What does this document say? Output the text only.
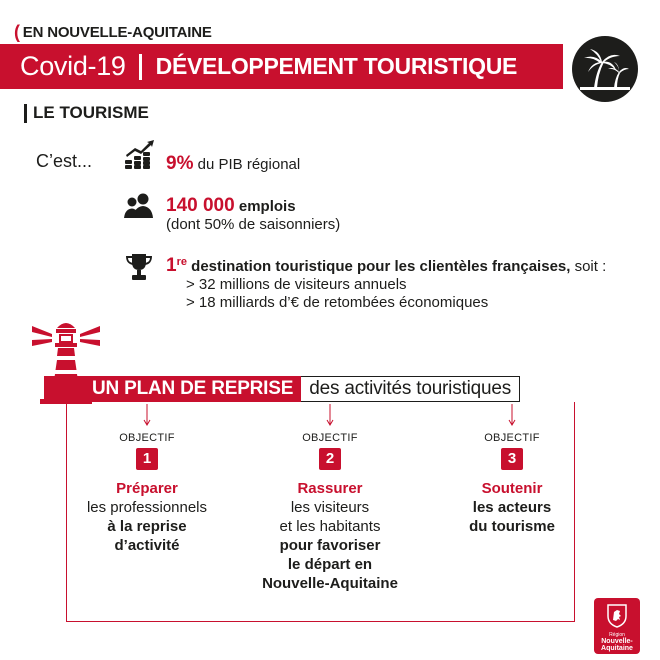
( EN NOUVELLE-AQUITAINE
Covid-19 DÉVELOPPEMENT TOURISTIQUE
LE TOURISME
C’est...	9% du PIB régional
140 000 emplois
(dont 50% de saisonniers)
1re destination touristique pour les clientèles françaises, soit :
> 32 millions de visiteurs annuels
> 18 milliards d’€ de retombées économiques
UN PLAN DE REPRISE des activités touristiques
OBJECTIF
1
Préparer
les professionnels
à la reprise
d’activité
OBJECTIF
2
Rassurer
les visiteurs
et les habitants
pour favoriser
le départ en
Nouvelle-Aquitaine
OBJECTIF
3
Soutenir
les acteurs
du tourisme
Région
Nouvelle-
Aquitaine
